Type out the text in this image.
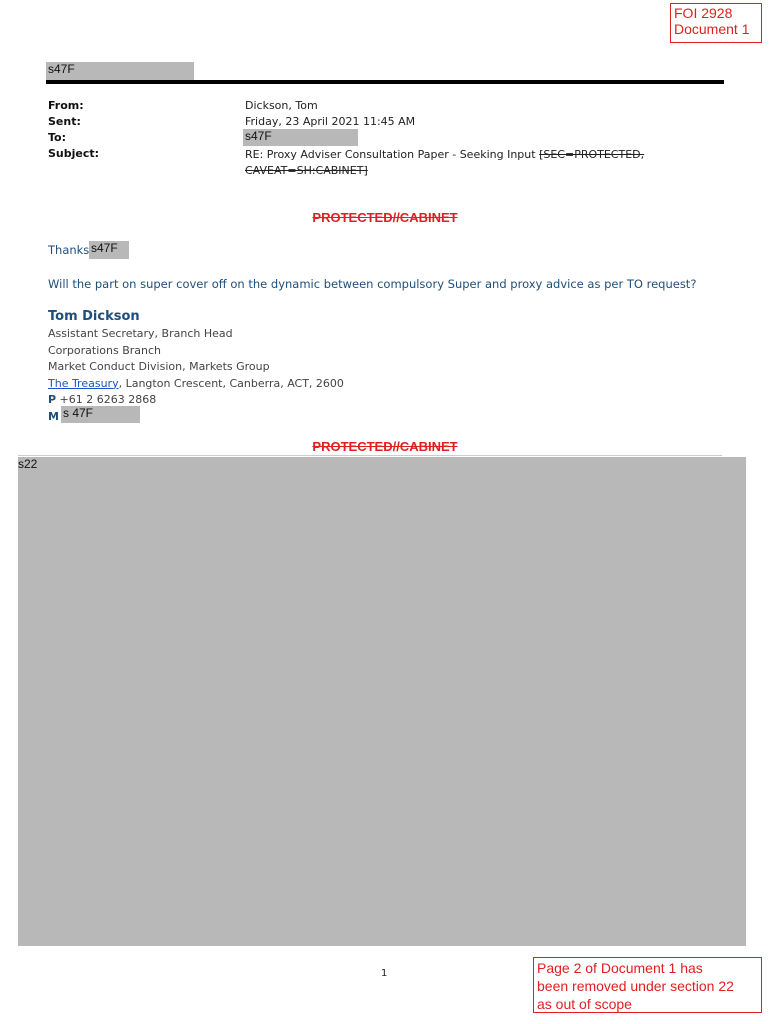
FOI 2928
Document 1
s47F
From:	Dickson, Tom
Sent:	Friday, 23 April 2021 11:45 AM
To:	s47F
Subject:	RE: Proxy Adviser Consultation Paper - Seeking Input [SEC=PROTECTED,
CAVEAT=SH:CABINET]
PROTECTED//CABINET
Thanks s47F
Will the part on super cover off on the dynamic between compulsory Super and proxy advice as per TO request?
Tom Dickson
Assistant Secretary, Branch Head
Corporations Branch
Market Conduct Division, Markets Group
The Treasury, Langton Crescent, Canberra, ACT, 2600
P +61 2 6263 2868
M s 47F
PROTECTED//CABINET
s22
1	Page 2 of Document 1 has
been removed under section 22
as out of scope
